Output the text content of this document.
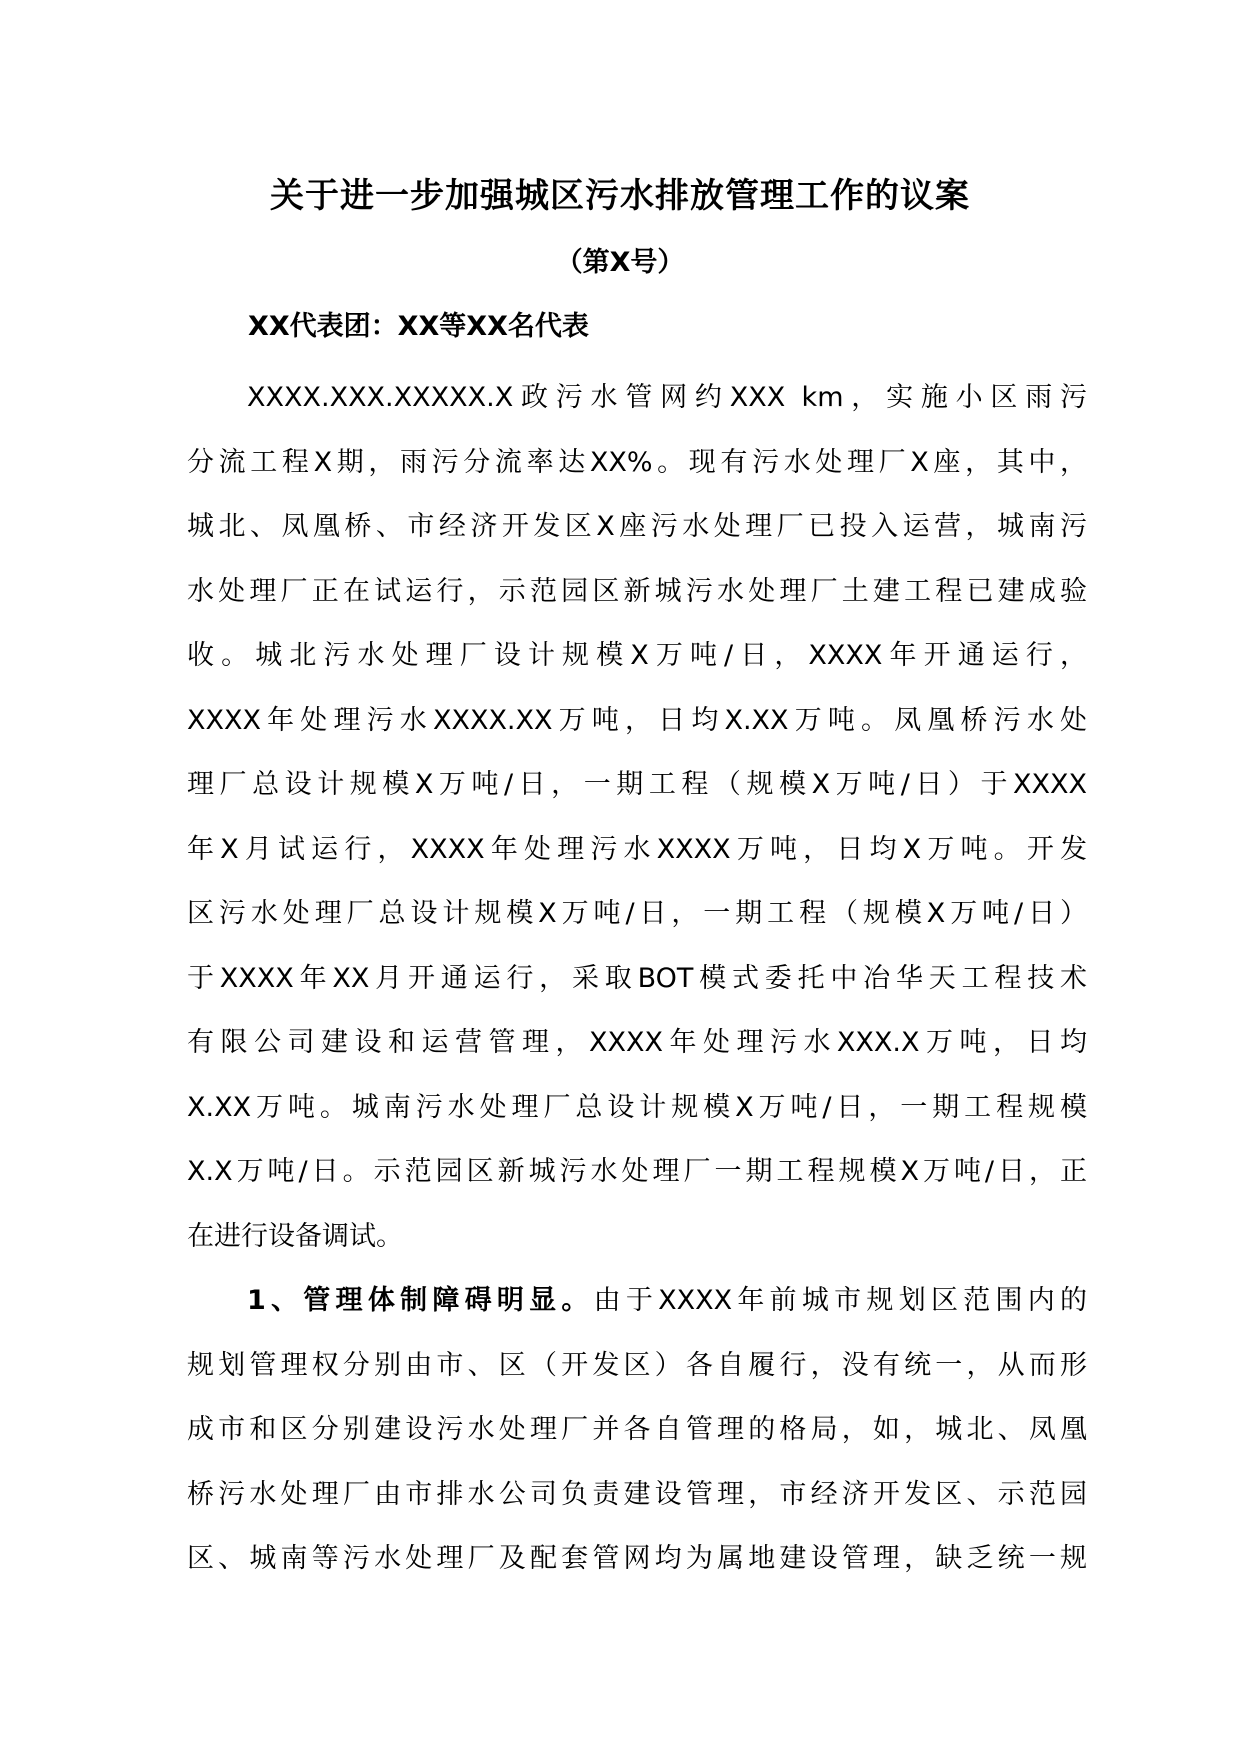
关于进一步加强城区污水排放管理工作的议案
（第X号）
XX代表团：XX等XX名代表
XXXX.XXX.XXXXX.X政污水管网约XXX km，实施小区雨污
分流工程X期，雨污分流率达XX%。现有污水处理厂X座，其中，
城北、凤凰桥、市经济开发区X座污水处理厂已投入运营，城南污
水处理厂正在试运行，示范园区新城污水处理厂土建工程已建成验
收。城北污水处理厂设计规模X万吨/日，XXXX年开通运行，
XXXX年处理污水XXXX.XX万吨，日均X.XX万吨。凤凰桥污水处
理厂总设计规模X万吨/日，一期工程（规模X万吨/日）于XXXX
年X月试运行，XXXX年处理污水XXXX万吨，日均X万吨。开发
区污水处理厂总设计规模X万吨/日，一期工程（规模X万吨/日）
于XXXX年XX月开通运行，采取BOT模式委托中冶华天工程技术
有限公司建设和运营管理，XXXX年处理污水XXX.X万吨，日均
X.XX万吨。城南污水处理厂总设计规模X万吨/日，一期工程规模
X.X万吨/日。示范园区新城污水处理厂一期工程规模X万吨/日，正
在进行设备调试。
1、管理体制障碍明显。由于XXXX年前城市规划区范围内的
规划管理权分别由市、区（开发区）各自履行，没有统一，从而形
成市和区分别建设污水处理厂并各自管理的格局，如，城北、凤凰
桥污水处理厂由市排水公司负责建设管理，市经济开发区、示范园
区、城南等污水处理厂及配套管网均为属地建设管理，缺乏统一规
